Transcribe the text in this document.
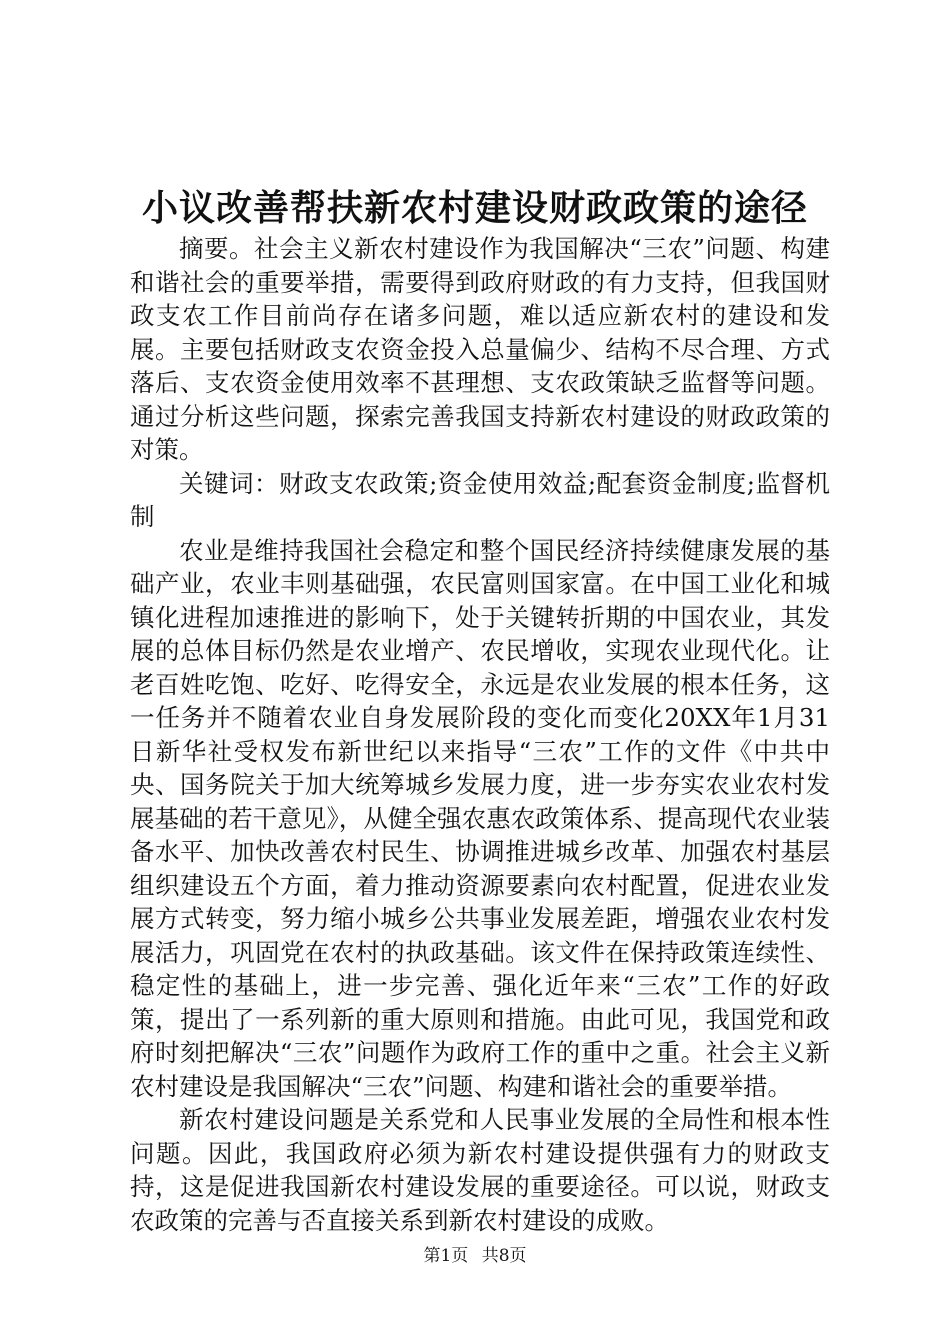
小议改善帮扶新农村建设财政政策的途径

摘要。社会主义新农村建设作为我国解决“三农”问题、构建和谐社会的重要举措，需要得到政府财政的有力支持，但我国财政支农工作目前尚存在诸多问题，难以适应新农村的建设和发展。主要包括财政支农资金投入总量偏少、结构不尽合理、方式落后、支农资金使用效率不甚理想、支农政策缺乏监督等问题。通过分析这些问题，探索完善我国支持新农村建设的财政政策的对策。

关键词：财政支农政策;资金使用效益;配套资金制度;监督机制

农业是维持我国社会稳定和整个国民经济持续健康发展的基础产业，农业丰则基础强，农民富则国家富。在中国工业化和城镇化进程加速推进的影响下，处于关键转折期的中国农业，其发展的总体目标仍然是农业增产、农民增收，实现农业现代化。让老百姓吃饱、吃好、吃得安全，永远是农业发展的根本任务，这一任务并不随着农业自身发展阶段的变化而变化20XX年1月31日新华社受权发布新世纪以来指导“三农”工作的文件《中共中央、国务院关于加大统筹城乡发展力度，进一步夯实农业农村发展基础的若干意见》，从健全强农惠农政策体系、提高现代农业装备水平、加快改善农村民生、协调推进城乡改革、加强农村基层组织建设五个方面，着力推动资源要素向农村配置，促进农业发展方式转变，努力缩小城乡公共事业发展差距，增强农业农村发展活力，巩固党在农村的执政基础。该文件在保持政策连续性、稳定性的基础上，进一步完善、强化近年来“三农”工作的好政策，提出了一系列新的重大原则和措施。由此可见，我国党和政府时刻把解决“三农”问题作为政府工作的重中之重。社会主义新农村建设是我国解决“三农”问题、构建和谐社会的重要举措。

新农村建设问题是关系党和人民事业发展的全局性和根本性问题。因此，我国政府必须为新农村建设提供强有力的财政支持，这是促进我国新农村建设发展的重要途径。可以说，财政支农政策的完善与否直接关系到新农村建设的成败。

第1页 共8页
